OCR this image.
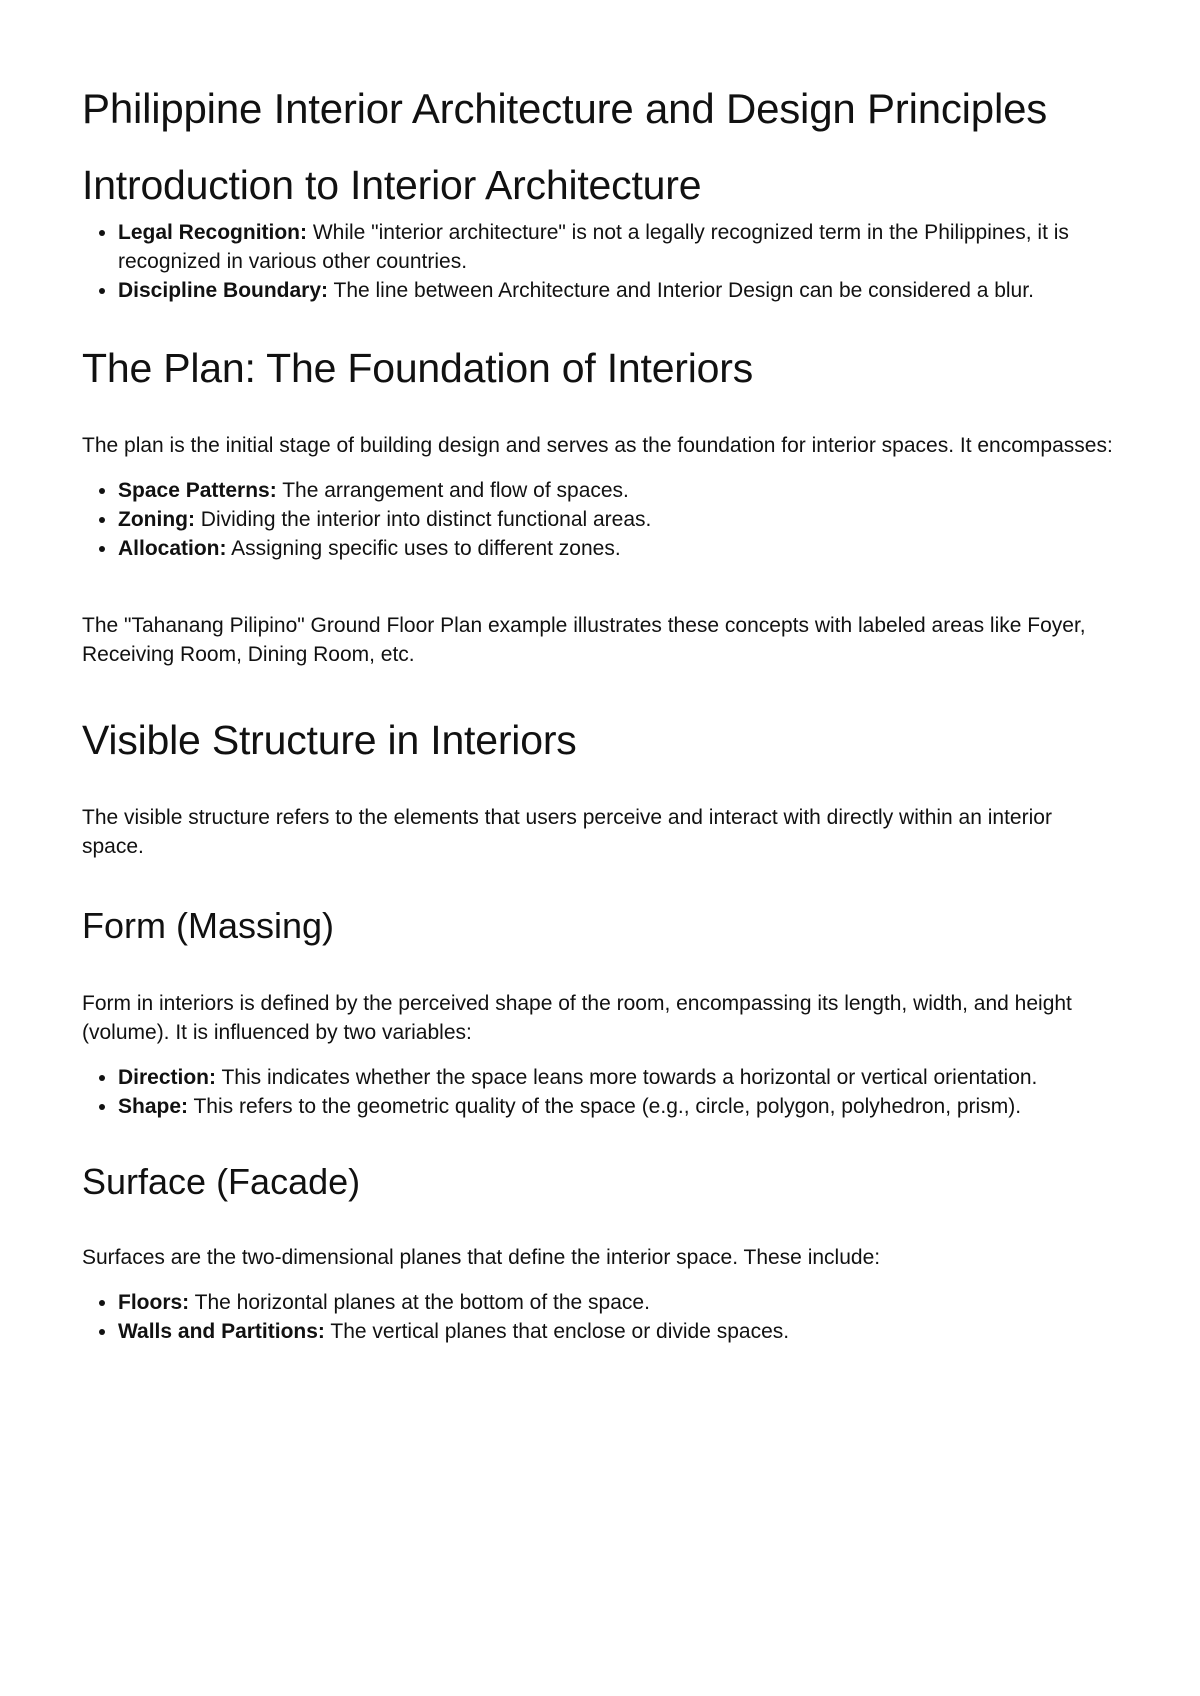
Philippine Interior Architecture and Design Principles
Introduction to Interior Architecture
• Legal Recognition: While "interior architecture" is not a legally recognized term in the Philippines, it is recognized in various other countries.
• Discipline Boundary: The line between Architecture and Interior Design can be considered a blur.
The Plan: The Foundation of Interiors

The plan is the initial stage of building design and serves as the foundation for interior spaces. It encompasses:

• Space Patterns: The arrangement and flow of spaces.
• Zoning: Dividing the interior into distinct functional areas.
• Allocation: Assigning specific uses to different zones.

The "Tahanang Pilipino" Ground Floor Plan example illustrates these concepts with labeled areas like Foyer, Receiving Room, Dining Room, etc.

Visible Structure in Interiors

The visible structure refers to the elements that users perceive and interact with directly within an interior space.

Form (Massing)

Form in interiors is defined by the perceived shape of the room, encompassing its length, width, and height (volume). It is influenced by two variables:

• Direction: This indicates whether the space leans more towards a horizontal or vertical orientation.
• Shape: This refers to the geometric quality of the space (e.g., circle, polygon, polyhedron, prism).
Surface (Facade)

Surfaces are the two-dimensional planes that define the interior space. These include:

• Floors: The horizontal planes at the bottom of the space.
• Walls and Partitions: The vertical planes that enclose or divide spaces.
